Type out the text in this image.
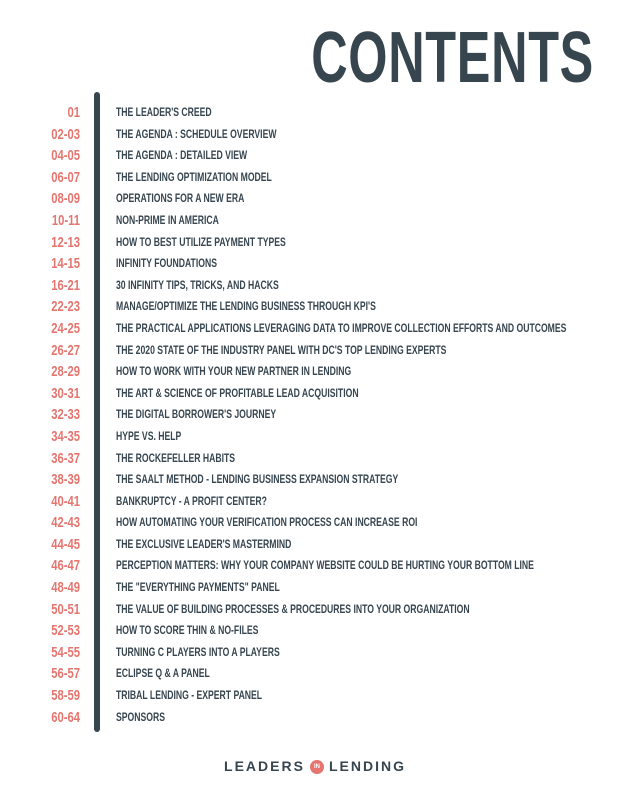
CONTENTS
01	THE LEADER'S CREED
02-03	THE AGENDA : SCHEDULE OVERVIEW
04-05	THE AGENDA : DETAILED VIEW
06-07	THE LENDING OPTIMIZATION MODEL
08-09	OPERATIONS FOR A NEW ERA
10-11	NON-PRIME IN AMERICA
12-13	HOW TO BEST UTILIZE PAYMENT TYPES
14-15	INFINITY FOUNDATIONS
16-21	30 INFINITY TIPS, TRICKS, AND HACKS
22-23	MANAGE/OPTIMIZE THE LENDING BUSINESS THROUGH KPI'S
24-25	THE PRACTICAL APPLICATIONS LEVERAGING DATA TO IMPROVE COLLECTION EFFORTS AND OUTCOMES
26-27	THE 2020 STATE OF THE INDUSTRY PANEL WITH DC'S TOP LENDING EXPERTS
28-29	HOW TO WORK WITH YOUR NEW PARTNER IN LENDING
30-31	THE ART & SCIENCE OF PROFITABLE LEAD ACQUISITION
32-33	THE DIGITAL BORROWER'S JOURNEY
34-35	HYPE VS. HELP
36-37	THE ROCKEFELLER HABITS
38-39	THE SAALT METHOD - LENDING BUSINESS EXPANSION STRATEGY
40-41	BANKRUPTCY - A PROFIT CENTER?
42-43	HOW AUTOMATING YOUR VERIFICATION PROCESS CAN INCREASE ROI
44-45	THE EXCLUSIVE LEADER'S MASTERMIND
46-47	PERCEPTION MATTERS: WHY YOUR COMPANY WEBSITE COULD BE HURTING YOUR BOTTOM LINE
48-49	THE "EVERYTHING PAYMENTS" PANEL
50-51	THE VALUE OF BUILDING PROCESSES & PROCEDURES INTO YOUR ORGANIZATION
52-53	HOW TO SCORE THIN & NO-FILES
54-55	TURNING C PLAYERS INTO A PLAYERS
56-57	ECLIPSE Q & A PANEL
58-59	TRIBAL LENDING - EXPERT PANEL
60-64	SPONSORS
LEADERS IN LENDING
